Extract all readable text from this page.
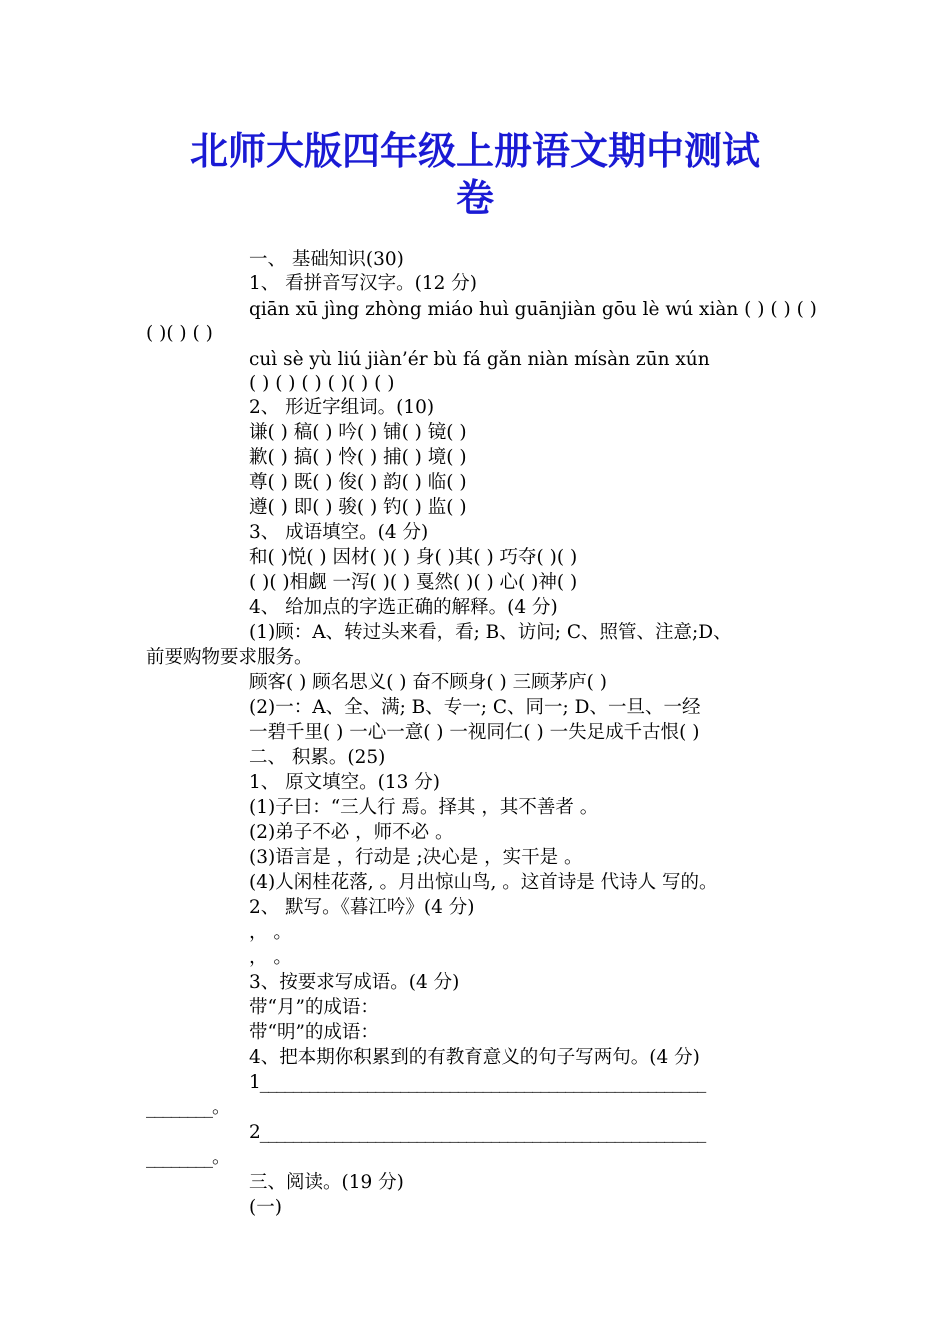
北师大版四年级上册语文期中测试
卷
一、 基础知识(30)
1、 看拼音写汉字。(12 分)
qiān xū jìng zhòng miáo huì guānjiàn gōu lè wú xiàn ( ) ( ) ( )
( )( ) ( )
cuì sè yù liú jiàn’ér bù fá gǎn niàn mísàn zūn xún
( ) ( ) ( ) ( )( ) ( )
2、 形近字组词。(10)
谦( ) 稿( ) 吟( ) 铺( ) 镜( )
歉( ) 搞( ) 怜( ) 捕( ) 境( )
尊( ) 既( ) 俊( ) 韵( ) 临( )
遵( ) 即( ) 骏( ) 钓( ) 监( )
3、 成语填空。(4 分)
和( )悦( ) 因材( )( ) 身( )其( ) 巧夺( )( )
( )( )相觑 一泻( )( ) 戛然( )( ) 心( )神( )
4、 给加点的字选正确的解释。(4 分)
(1)顾：A、转过头来看，看; B、访问; C、照管、注意;D、
前要购物要求服务。
顾客( ) 顾名思义( ) 奋不顾身( ) 三顾茅庐( )
(2)一：A、全、满; B、专一; C、同一; D、一旦、一经
一碧千里( ) 一心一意( ) 一视同仁( ) 一失足成千古恨( )
二、 积累。(25)
1、 原文填空。(13 分)
(1)子曰：“三人行 焉。择其 ，其不善者 。
(2)弟子不必 ，师不必 。
(3)语言是 ，行动是 ;决心是 ，实干是 。
(4)人闲桂花落, 。月出惊山鸟, 。这首诗是 代诗人 写的。
2、 默写。《暮江吟》(4 分)
， 。
， 。
3、按要求写成语。(4 分)
带“月”的成语：
带“明”的成语：
4、把本期你积累到的有教育意义的句子写两句。(4 分)
1______________________________________________________
________。
2______________________________________________________
________。
三、阅读。(19 分)
(一)
